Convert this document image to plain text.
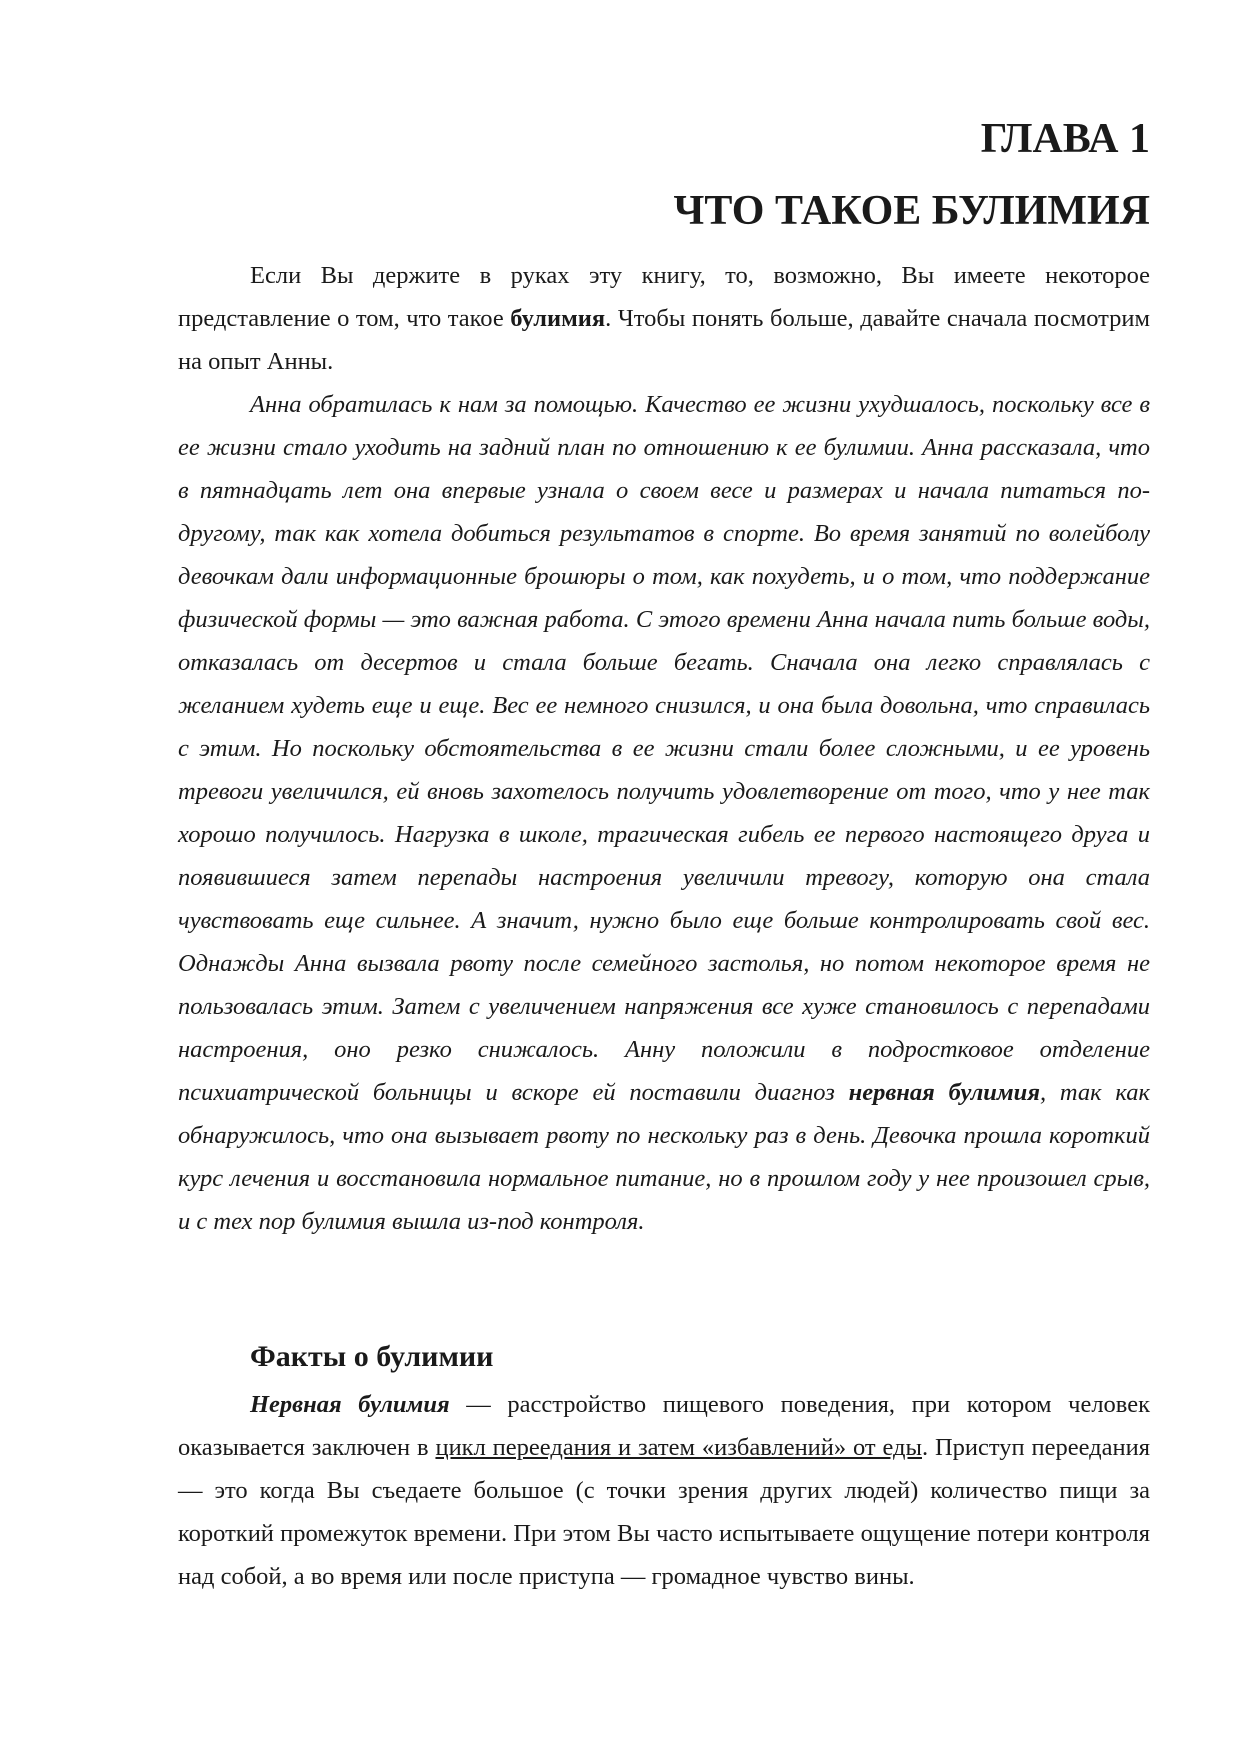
ГЛАВА 1
ЧТО ТАКОЕ БУЛИМИЯ

Если Вы держите в руках эту книгу, то, возможно, Вы имеете некоторое представление о том, что такое булимия. Чтобы понять больше, давайте сначала посмотрим на опыт Анны.

Анна обратилась к нам за помощью. Качество ее жизни ухудшалось, поскольку все в ее жизни стало уходить на задний план по отношению к ее булимии. Анна рассказала, что в пятнадцать лет она впервые узнала о своем весе и размерах и начала питаться по-другому, так как хотела добиться результатов в спорте. Во время занятий по волейболу девочкам дали информационные брошюры о том, как похудеть, и о том, что поддержание физической формы — это важная работа. С этого времени Анна начала пить больше воды, отказалась от десертов и стала больше бегать. Сначала она легко справлялась с желанием худеть еще и еще. Вес ее немного снизился, и она была довольна, что справилась с этим. Но поскольку обстоятельства в ее жизни стали более сложными, и ее уровень тревоги увеличился, ей вновь захотелось получить удовлетворение от того, что у нее так хорошо получилось. Нагрузка в школе, трагическая гибель ее первого настоящего друга и появившиеся затем перепады настроения увеличили тревогу, которую она стала чувствовать еще сильнее. А значит, нужно было еще больше контролировать свой вес. Однажды Анна вызвала рвоту после семейного застолья, но потом некоторое время не пользовалась этим. Затем с увеличением напряжения все хуже становилось с перепадами настроения, оно резко снижалось. Анну положили в подростковое отделение психиатрической больницы и вскоре ей поставили диагноз нервная булимия, так как обнаружилось, что она вызывает рвоту по нескольку раз в день. Девочка прошла короткий курс лечения и восстановила нормальное питание, но в прошлом году у нее произошел срыв, и с тех пор булимия вышла из-под контроля.

Факты о булимии

Нервная булимия — расстройство пищевого поведения, при котором человек оказывается заключен в цикл переедания и затем «избавлений» от еды. Приступ переедания — это когда Вы съедаете большое (с точки зрения других людей) количество пищи за короткий промежуток времени. При этом Вы часто испытываете ощущение потери контроля над собой, а во время или после приступа — громадное чувство вины.
